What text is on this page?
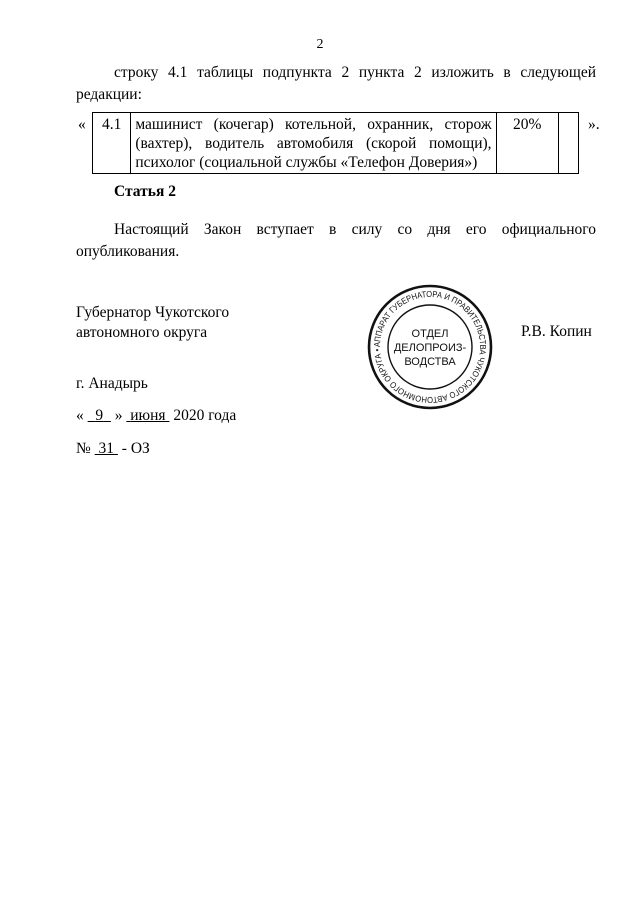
2
строку 4.1 таблицы подпункта 2 пункта 2 изложить в следующей
редакции:
« 4.1	машинист (кочегар) котельной, охранник, сторож
(вахтер), водитель автомобиля (скорой помощи),
психолог (социальной службы «Телефон Доверия»)
	20%		».
Статья 2
Настоящий Закон вступает в силу со дня его официального
опубликования.
Губернатор Чукотского
автономного округа
АППАРАТ ГУБЕРНАТОРА И ПРАВИТЕЛЬСТВА ЧУКОТСКОГО АВТОНОМНОГО ОКРУГА •
ОТДЕЛ
ДЕЛОПРОИЗ-
ВОДСТВА
Р.В. Копин
г. Анадырь
« 9 » июня 2020 года
№ 31 - ОЗ
